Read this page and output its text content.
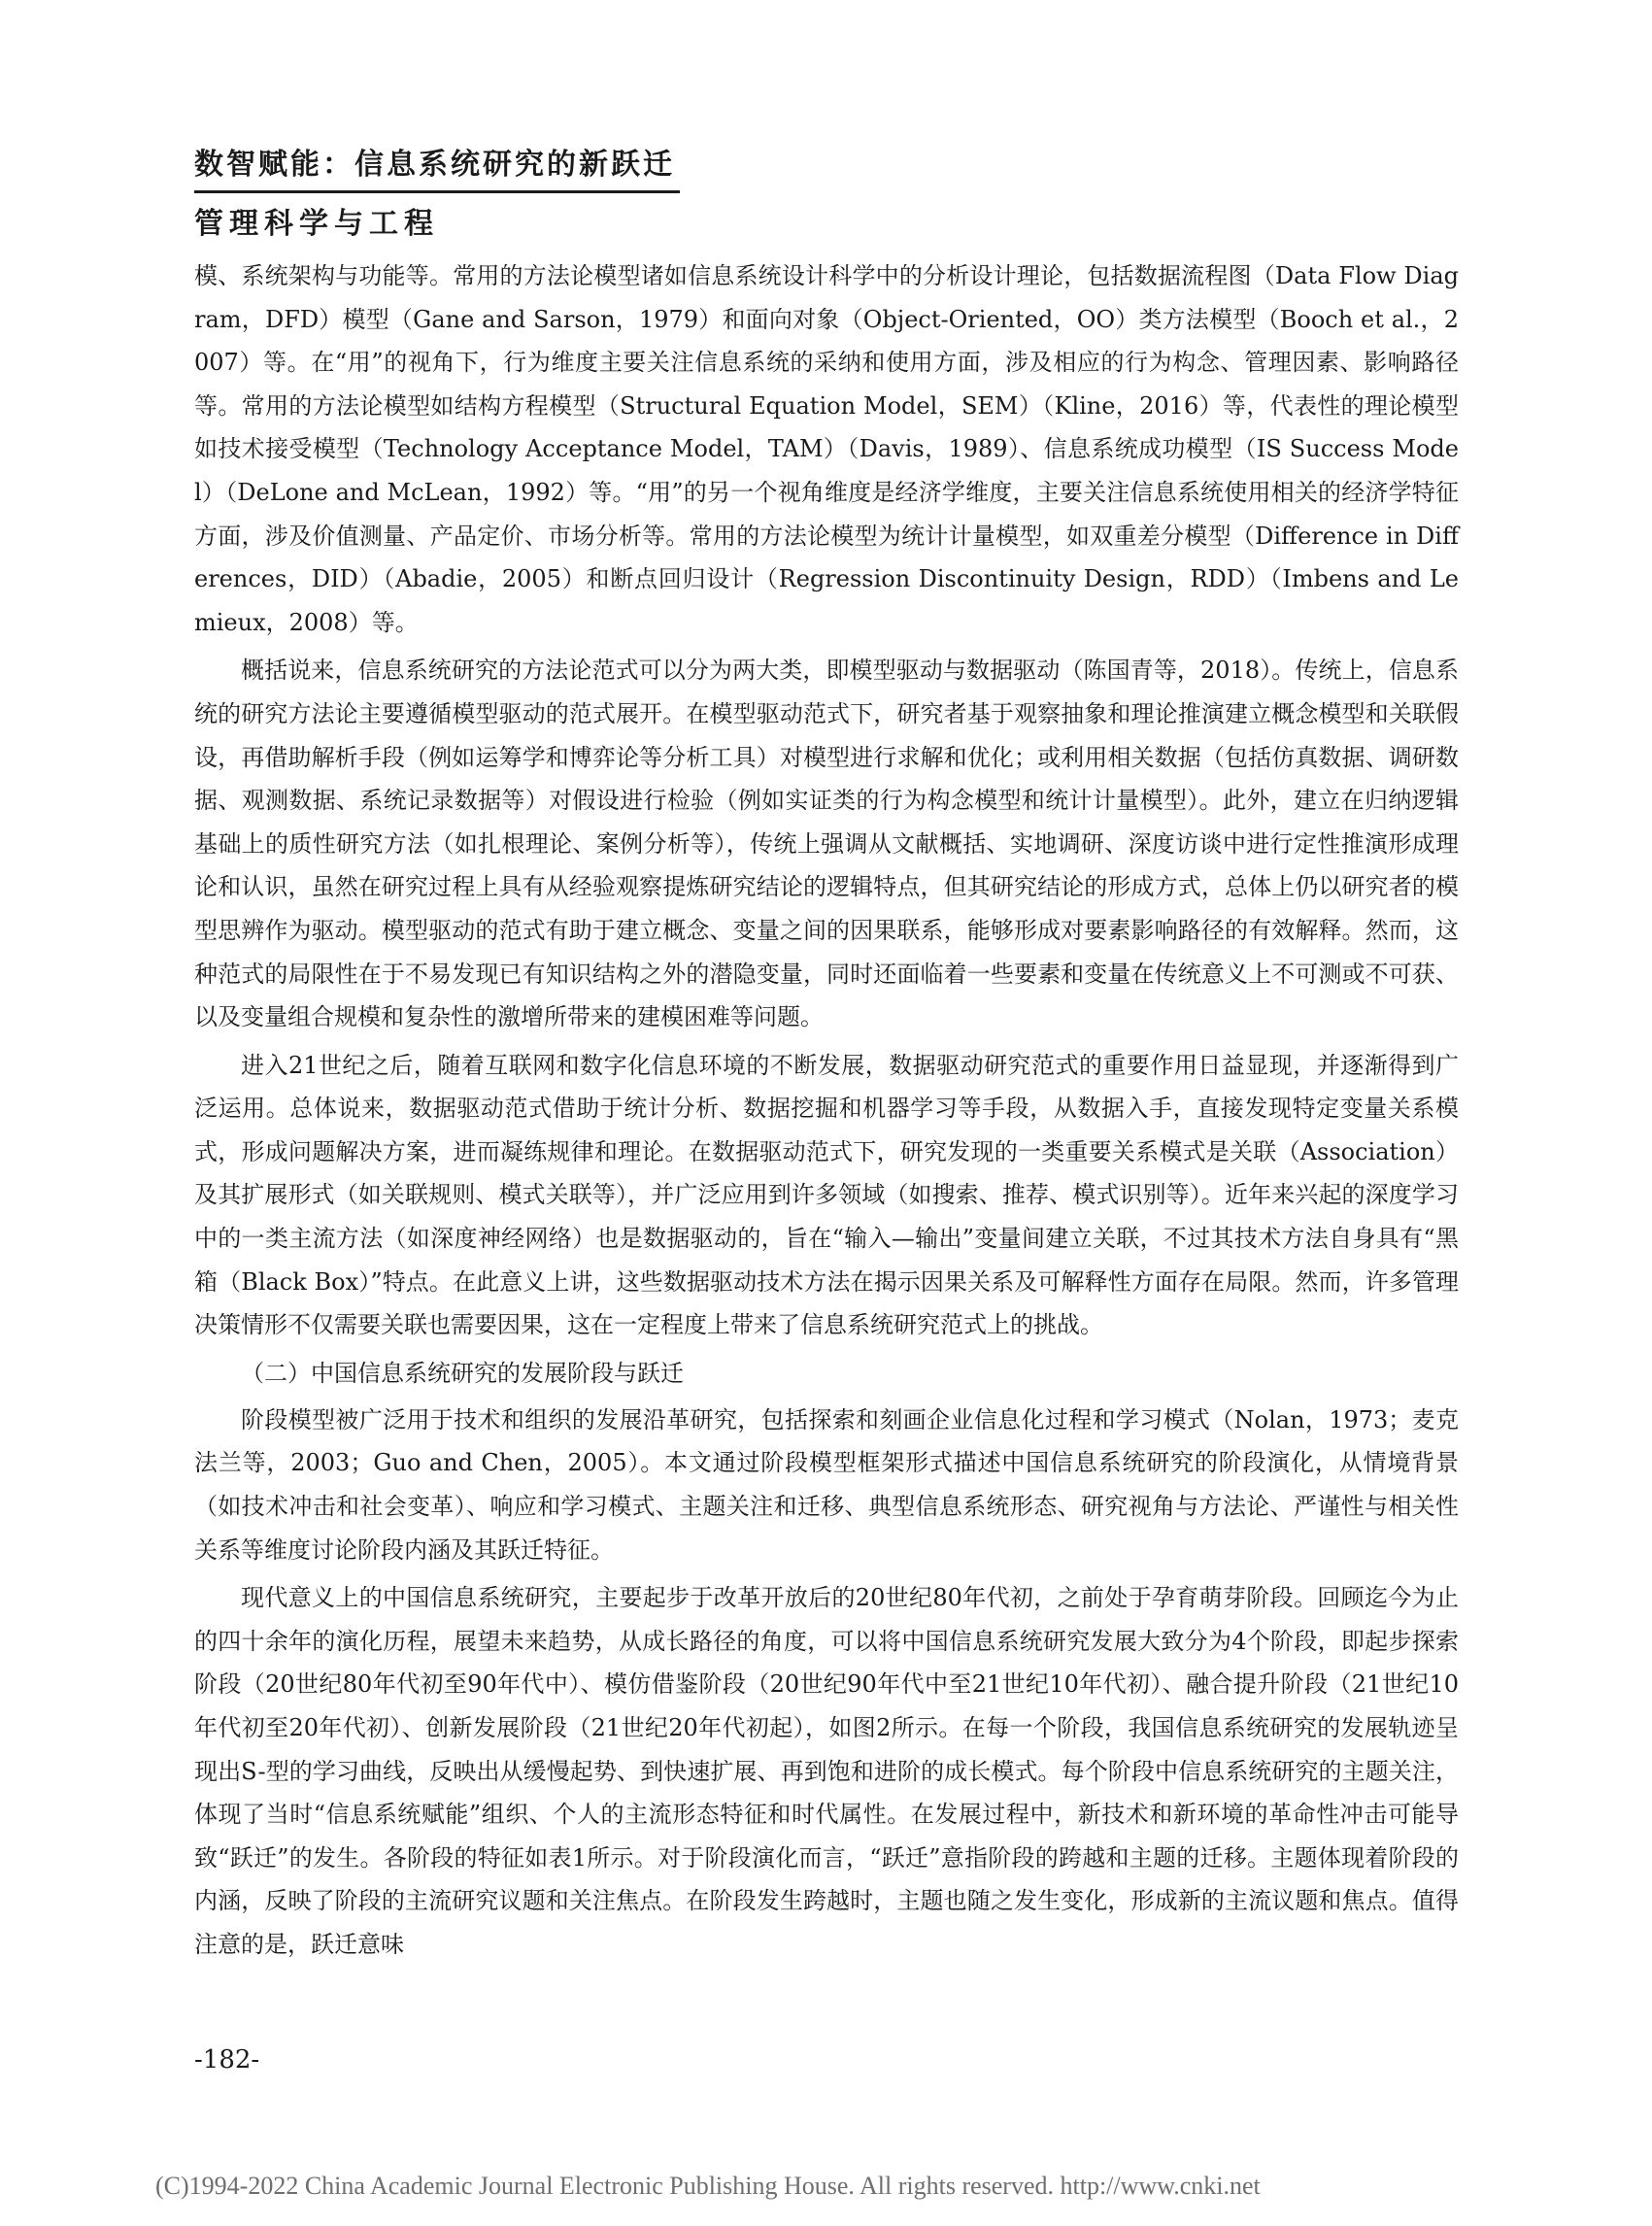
数智赋能：信息系统研究的新跃迁
管理科学与工程

模、系统架构与功能等。常用的方法论模型诸如信息系统设计科学中的分析设计理论，包括数据流程图（Data Flow Diagram，DFD）模型（Gane and Sarson，1979）和面向对象（Object-Oriented，OO）类方法模型（Booch et al.，2007）等。在“用”的视角下，行为维度主要关注信息系统的采纳和使用方面，涉及相应的行为构念、管理因素、影响路径等。常用的方法论模型如结构方程模型（Structural Equation Model，SEM）（Kline，2016）等，代表性的理论模型如技术接受模型（Technology Acceptance Model，TAM）（Davis，1989）、信息系统成功模型（IS Success Model）（DeLone and McLean，1992）等。“用”的另一个视角维度是经济学维度，主要关注信息系统使用相关的经济学特征方面，涉及价值测量、产品定价、市场分析等。常用的方法论模型为统计计量模型，如双重差分模型（Difference in Differences，DID）（Abadie，2005）和断点回归设计（Regression Discontinuity Design，RDD）（Imbens and Lemieux，2008）等。

概括说来，信息系统研究的方法论范式可以分为两大类，即模型驱动与数据驱动（陈国青等，2018）。传统上，信息系统的研究方法论主要遵循模型驱动的范式展开。在模型驱动范式下，研究者基于观察抽象和理论推演建立概念模型和关联假设，再借助解析手段（例如运筹学和博弈论等分析工具）对模型进行求解和优化；或利用相关数据（包括仿真数据、调研数据、观测数据、系统记录数据等）对假设进行检验（例如实证类的行为构念模型和统计计量模型）。此外，建立在归纳逻辑基础上的质性研究方法（如扎根理论、案例分析等），传统上强调从文献概括、实地调研、深度访谈中进行定性推演形成理论和认识，虽然在研究过程上具有从经验观察提炼研究结论的逻辑特点，但其研究结论的形成方式，总体上仍以研究者的模型思辨作为驱动。模型驱动的范式有助于建立概念、变量之间的因果联系，能够形成对要素影响路径的有效解释。然而，这种范式的局限性在于不易发现已有知识结构之外的潜隐变量，同时还面临着一些要素和变量在传统意义上不可测或不可获、以及变量组合规模和复杂性的激增所带来的建模困难等问题。

进入21世纪之后，随着互联网和数字化信息环境的不断发展，数据驱动研究范式的重要作用日益显现，并逐渐得到广泛运用。总体说来，数据驱动范式借助于统计分析、数据挖掘和机器学习等手段，从数据入手，直接发现特定变量关系模式，形成问题解决方案，进而凝练规律和理论。在数据驱动范式下，研究发现的一类重要关系模式是关联（Association）及其扩展形式（如关联规则、模式关联等），并广泛应用到许多领域（如搜索、推荐、模式识别等）。近年来兴起的深度学习中的一类主流方法（如深度神经网络）也是数据驱动的，旨在“输入—输出”变量间建立关联，不过其技术方法自身具有“黑箱（Black Box）”特点。在此意义上讲，这些数据驱动技术方法在揭示因果关系及可解释性方面存在局限。然而，许多管理决策情形不仅需要关联也需要因果，这在一定程度上带来了信息系统研究范式上的挑战。

（二）中国信息系统研究的发展阶段与跃迁

阶段模型被广泛用于技术和组织的发展沿革研究，包括探索和刻画企业信息化过程和学习模式（Nolan，1973；麦克法兰等，2003；Guo and Chen，2005）。本文通过阶段模型框架形式描述中国信息系统研究的阶段演化，从情境背景（如技术冲击和社会变革）、响应和学习模式、主题关注和迁移、典型信息系统形态、研究视角与方法论、严谨性与相关性关系等维度讨论阶段内涵及其跃迁特征。

现代意义上的中国信息系统研究，主要起步于改革开放后的20世纪80年代初，之前处于孕育萌芽阶段。回顾迄今为止的四十余年的演化历程，展望未来趋势，从成长路径的角度，可以将中国信息系统研究发展大致分为4个阶段，即起步探索阶段（20世纪80年代初至90年代中）、模仿借鉴阶段（20世纪90年代中至21世纪10年代初）、融合提升阶段（21世纪10年代初至20年代初）、创新发展阶段（21世纪20年代初起），如图2所示。在每一个阶段，我国信息系统研究的发展轨迹呈现出S-型的学习曲线，反映出从缓慢起势、到快速扩展、再到饱和进阶的成长模式。每个阶段中信息系统研究的主题关注，体现了当时“信息系统赋能”组织、个人的主流形态特征和时代属性。在发展过程中，新技术和新环境的革命性冲击可能导致“跃迁”的发生。各阶段的特征如表1所示。对于阶段演化而言，“跃迁”意指阶段的跨越和主题的迁移。主题体现着阶段的内涵，反映了阶段的主流研究议题和关注焦点。在阶段发生跨越时，主题也随之发生变化，形成新的主流议题和焦点。值得注意的是，跃迁意味

-182-
(C)1994-2022 China Academic Journal Electronic Publishing House. All rights reserved. http://www.cnki.net
